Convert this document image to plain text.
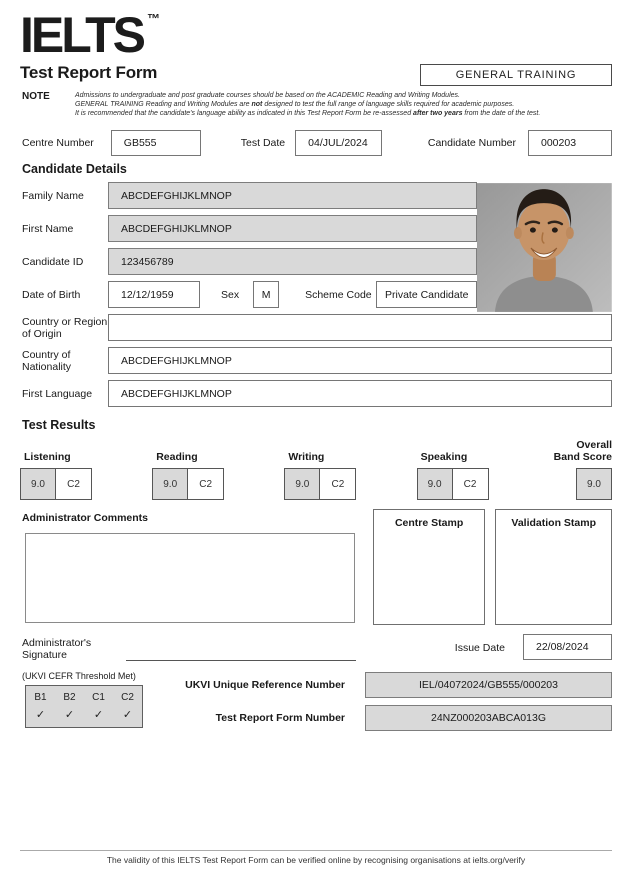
IELTS ™
Test Report Form	GENERAL TRAINING
NOTE	Admissions to undergraduate and post graduate courses should be based on the ACADEMIC Reading and Writing Modules.
GENERAL TRAINING Reading and Writing Modules are not designed to test the full range of language skills required for academic purposes.
It is recommended that the candidate's language ability as indicated in this Test Report Form be re-assessed after two years from the date of the test.
Centre Number	GB555	Test Date	04/JUL/2024	Candidate Number	000203
Candidate Details
Family Name	ABCDEFGHIJKLMNOP
First Name	ABCDEFGHIJKLMNOP
Candidate ID	123456789
Date of Birth	12/12/1959	Sex M	Scheme Code Private Candidate
Country or Region of Origin
Country of Nationality	ABCDEFGHIJKLMNOP
First Language	ABCDEFGHIJKLMNOP
Test Results
Listening
9.0	C2
Reading
9.0	C2
Writing
9.0	C2
Speaking
9.0	C2
Overall Band Score
9.0
Administrator Comments	Centre Stamp	Validation Stamp
Administrator's Signature
Issue Date	22/08/2024
(UKVI CEFR Threshold Met)
B1	B2	C1	C2
✓	✓	✓	✓
UKVI Unique Reference Number	IEL/04072024/GB555/000203
Test Report Form Number	24NZ000203ABCA013G
The validity of this IELTS Test Report Form can be verified online by recognising organisations at ielts.org/verify
